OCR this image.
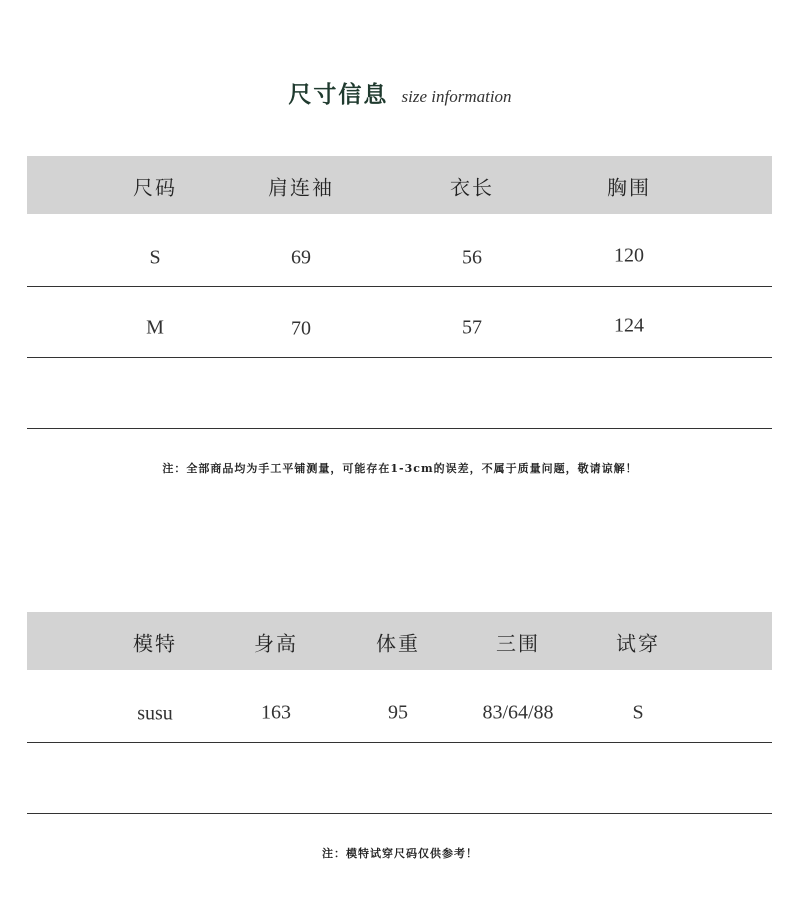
尺寸信息 size information
尺码	肩连袖	衣长	胸围
S	69	56	120
M	70	57	124
注：全部商品均为手工平铺测量，可能存在1-3cm的误差，不属于质量问题，敬请谅解！
模特	身高	体重	三围	试穿
susu	163	95	83/64/88	S
注：模特试穿尺码仅供参考！
